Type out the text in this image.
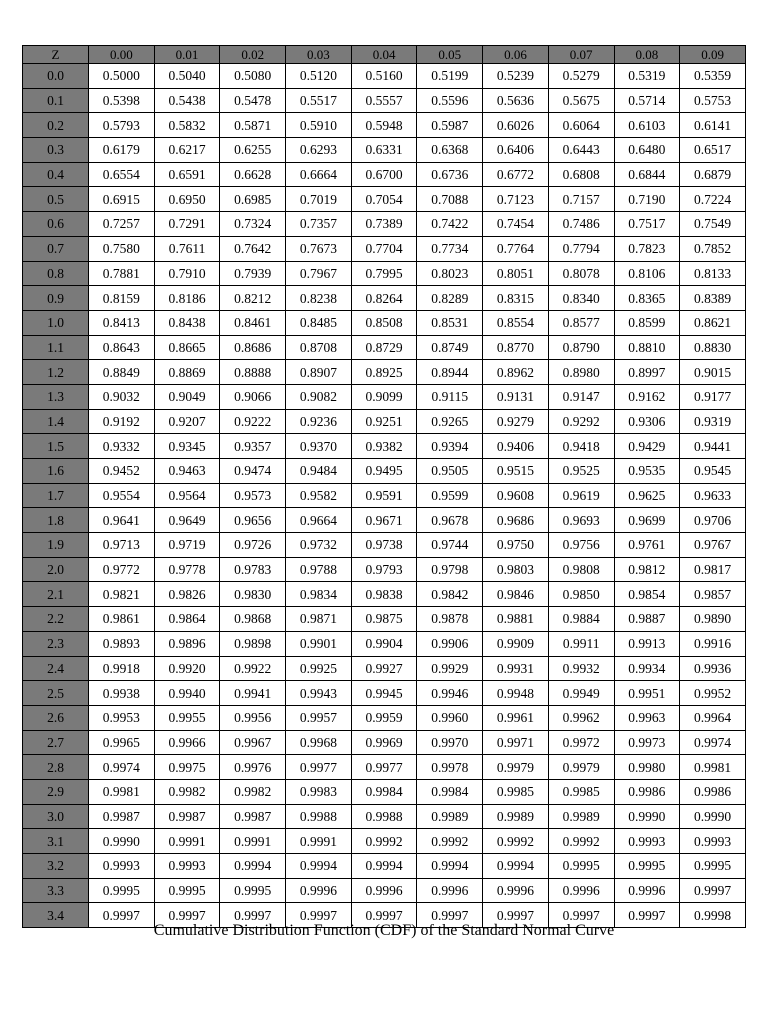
Z	0.00	0.01	0.02	0.03	0.04	0.05	0.06	0.07	0.08	0.09
0.0	0.5000	0.5040	0.5080	0.5120	0.5160	0.5199	0.5239	0.5279	0.5319	0.5359
0.1	0.5398	0.5438	0.5478	0.5517	0.5557	0.5596	0.5636	0.5675	0.5714	0.5753
0.2	0.5793	0.5832	0.5871	0.5910	0.5948	0.5987	0.6026	0.6064	0.6103	0.6141
0.3	0.6179	0.6217	0.6255	0.6293	0.6331	0.6368	0.6406	0.6443	0.6480	0.6517
0.4	0.6554	0.6591	0.6628	0.6664	0.6700	0.6736	0.6772	0.6808	0.6844	0.6879
0.5	0.6915	0.6950	0.6985	0.7019	0.7054	0.7088	0.7123	0.7157	0.7190	0.7224
0.6	0.7257	0.7291	0.7324	0.7357	0.7389	0.7422	0.7454	0.7486	0.7517	0.7549
0.7	0.7580	0.7611	0.7642	0.7673	0.7704	0.7734	0.7764	0.7794	0.7823	0.7852
0.8	0.7881	0.7910	0.7939	0.7967	0.7995	0.8023	0.8051	0.8078	0.8106	0.8133
0.9	0.8159	0.8186	0.8212	0.8238	0.8264	0.8289	0.8315	0.8340	0.8365	0.8389
1.0	0.8413	0.8438	0.8461	0.8485	0.8508	0.8531	0.8554	0.8577	0.8599	0.8621
1.1	0.8643	0.8665	0.8686	0.8708	0.8729	0.8749	0.8770	0.8790	0.8810	0.8830
1.2	0.8849	0.8869	0.8888	0.8907	0.8925	0.8944	0.8962	0.8980	0.8997	0.9015
1.3	0.9032	0.9049	0.9066	0.9082	0.9099	0.9115	0.9131	0.9147	0.9162	0.9177
1.4	0.9192	0.9207	0.9222	0.9236	0.9251	0.9265	0.9279	0.9292	0.9306	0.9319
1.5	0.9332	0.9345	0.9357	0.9370	0.9382	0.9394	0.9406	0.9418	0.9429	0.9441
1.6	0.9452	0.9463	0.9474	0.9484	0.9495	0.9505	0.9515	0.9525	0.9535	0.9545
1.7	0.9554	0.9564	0.9573	0.9582	0.9591	0.9599	0.9608	0.9619	0.9625	0.9633
1.8	0.9641	0.9649	0.9656	0.9664	0.9671	0.9678	0.9686	0.9693	0.9699	0.9706
1.9	0.9713	0.9719	0.9726	0.9732	0.9738	0.9744	0.9750	0.9756	0.9761	0.9767
2.0	0.9772	0.9778	0.9783	0.9788	0.9793	0.9798	0.9803	0.9808	0.9812	0.9817
2.1	0.9821	0.9826	0.9830	0.9834	0.9838	0.9842	0.9846	0.9850	0.9854	0.9857
2.2	0.9861	0.9864	0.9868	0.9871	0.9875	0.9878	0.9881	0.9884	0.9887	0.9890
2.3	0.9893	0.9896	0.9898	0.9901	0.9904	0.9906	0.9909	0.9911	0.9913	0.9916
2.4	0.9918	0.9920	0.9922	0.9925	0.9927	0.9929	0.9931	0.9932	0.9934	0.9936
2.5	0.9938	0.9940	0.9941	0.9943	0.9945	0.9946	0.9948	0.9949	0.9951	0.9952
2.6	0.9953	0.9955	0.9956	0.9957	0.9959	0.9960	0.9961	0.9962	0.9963	0.9964
2.7	0.9965	0.9966	0.9967	0.9968	0.9969	0.9970	0.9971	0.9972	0.9973	0.9974
2.8	0.9974	0.9975	0.9976	0.9977	0.9977	0.9978	0.9979	0.9979	0.9980	0.9981
2.9	0.9981	0.9982	0.9982	0.9983	0.9984	0.9984	0.9985	0.9985	0.9986	0.9986
3.0	0.9987	0.9987	0.9987	0.9988	0.9988	0.9989	0.9989	0.9989	0.9990	0.9990
3.1	0.9990	0.9991	0.9991	0.9991	0.9992	0.9992	0.9992	0.9992	0.9993	0.9993
3.2	0.9993	0.9993	0.9994	0.9994	0.9994	0.9994	0.9994	0.9995	0.9995	0.9995
3.3	0.9995	0.9995	0.9995	0.9996	0.9996	0.9996	0.9996	0.9996	0.9996	0.9997
3.4	0.9997	0.9997	0.9997	0.9997	0.9997	0.9997	0.9997	0.9997	0.9997	0.9998
Cumulative Distribution Function (CDF) of the Standard Normal Curve
